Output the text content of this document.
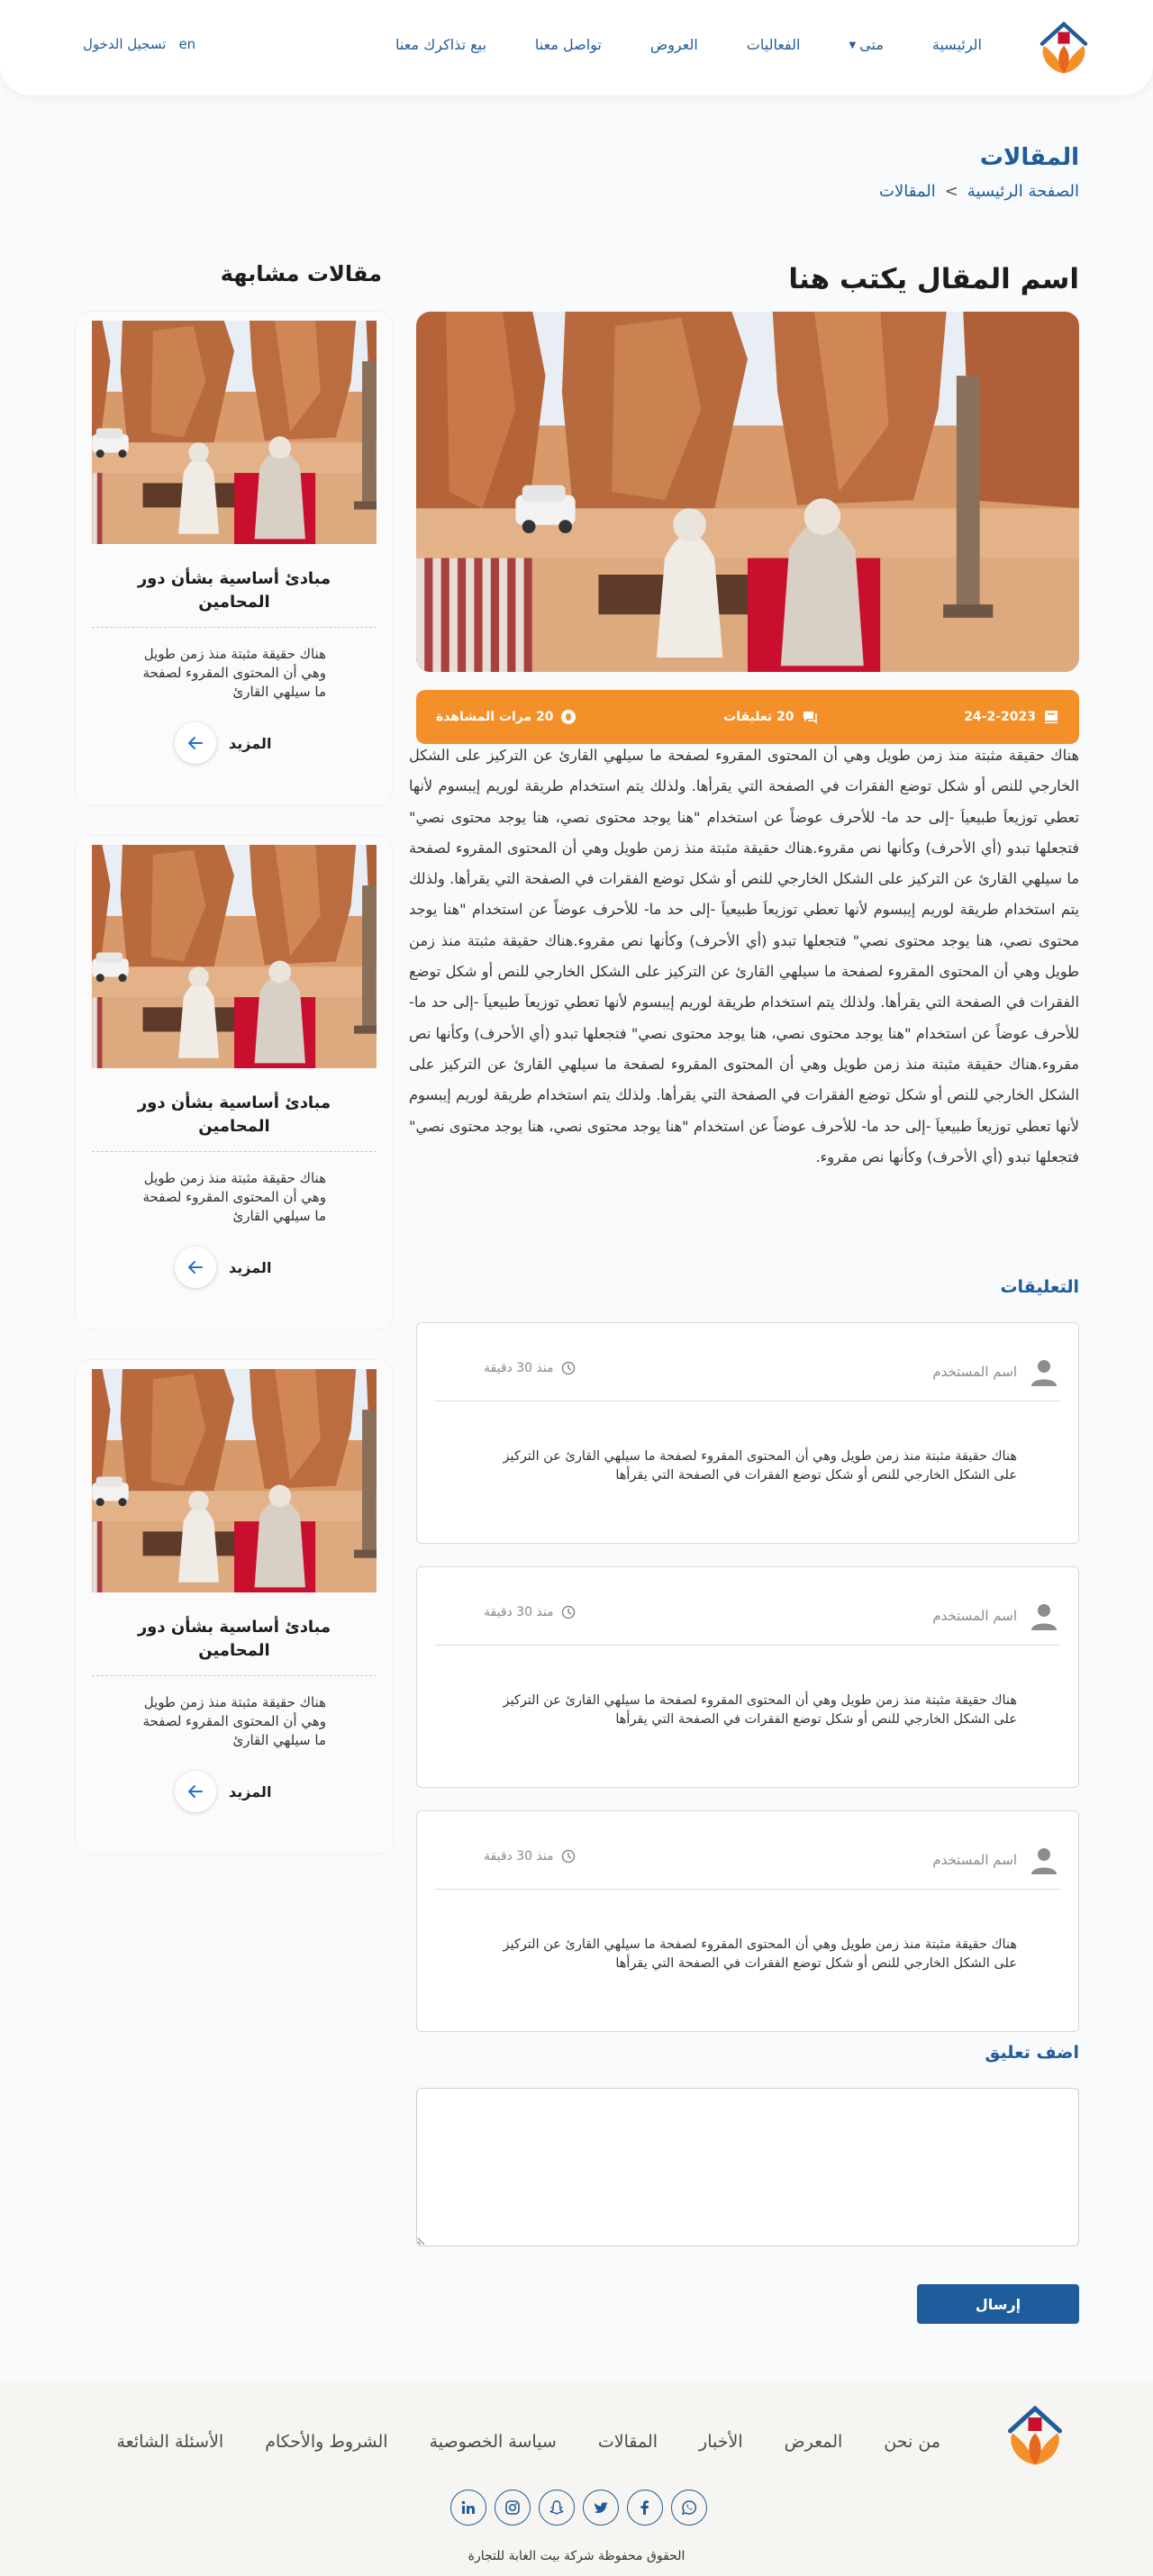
الرئيسية
متى▼
الفعاليات
العروض
تواصل معنا
بيع تذاكرك معنا
تسجيل الدخول en
المقالات
الصفحة الرئيسية
>
المقالات
اسم المقال يكتب هنا
24-2-2023
20 تعليقات
20 مرات المشاهدة

هناك حقيقة مثبتة منذ زمن طويل وهي أن المحتوى المقروء لصفحة ما سيلهي القارئ عن التركيز على الشكل الخارجي للنص أو شكل توضع الفقرات في الصفحة التي يقرأها. ولذلك يتم استخدام طريقة لوريم إيبسوم لأنها تعطي توزيعاَ طبيعياَ -إلى حد ما- للأحرف عوضاً عن استخدام "هنا يوجد محتوى نصي، هنا يوجد محتوى نصي" فتجعلها تبدو (أي الأحرف) وكأنها نص مقروء.هناك حقيقة مثبتة منذ زمن طويل وهي أن المحتوى المقروء لصفحة ما سيلهي القارئ عن التركيز على الشكل الخارجي للنص أو شكل توضع الفقرات في الصفحة التي يقرأها. ولذلك يتم استخدام طريقة لوريم إيبسوم لأنها تعطي توزيعاَ طبيعياَ -إلى حد ما- للأحرف عوضاً عن استخدام "هنا يوجد محتوى نصي، هنا يوجد محتوى نصي" فتجعلها تبدو (أي الأحرف) وكأنها نص مقروء.هناك حقيقة مثبتة منذ زمن طويل وهي أن المحتوى المقروء لصفحة ما سيلهي القارئ عن التركيز على الشكل الخارجي للنص أو شكل توضع الفقرات في الصفحة التي يقرأها. ولذلك يتم استخدام طريقة لوريم إيبسوم لأنها تعطي توزيعاَ طبيعياَ -إلى حد ما- للأحرف عوضاً عن استخدام "هنا يوجد محتوى نصي، هنا يوجد محتوى نصي" فتجعلها تبدو (أي الأحرف) وكأنها نص مقروء.هناك حقيقة مثبتة منذ زمن طويل وهي أن المحتوى المقروء لصفحة ما سيلهي القارئ عن التركيز على الشكل الخارجي للنص أو شكل توضع الفقرات في الصفحة التي يقرأها. ولذلك يتم استخدام طريقة لوريم إيبسوم لأنها تعطي توزيعاَ طبيعياَ -إلى حد ما- للأحرف عوضاً عن استخدام "هنا يوجد محتوى نصي، هنا يوجد محتوى نصي" فتجعلها تبدو (أي الأحرف) وكأنها نص مقروء.

التعليقات
اسم المستخدم
منذ 30 دقيقة

هناك حقيقة مثبتة منذ زمن طويل وهي أن المحتوى المقروء لصفحة ما سيلهي القارئ عن التركيز على الشكل الخارجي للنص أو شكل توضع الفقرات في الصفحة التي يقرأها

اسم المستخدم
منذ 30 دقيقة

هناك حقيقة مثبتة منذ زمن طويل وهي أن المحتوى المقروء لصفحة ما سيلهي القارئ عن التركيز على الشكل الخارجي للنص أو شكل توضع الفقرات في الصفحة التي يقرأها

اسم المستخدم
منذ 30 دقيقة

هناك حقيقة مثبتة منذ زمن طويل وهي أن المحتوى المقروء لصفحة ما سيلهي القارئ عن التركيز على الشكل الخارجي للنص أو شكل توضع الفقرات في الصفحة التي يقرأها

اضف تعليق
إرسال
مقالات مشابهة
مبادئ أساسية بشأن دور المحامين

هناك حقيقة مثبتة منذ زمن طويل وهي أن المحتوى المقروء لصفحة ما سيلهي القارئ

المزيد
مبادئ أساسية بشأن دور المحامين

هناك حقيقة مثبتة منذ زمن طويل وهي أن المحتوى المقروء لصفحة ما سيلهي القارئ

المزيد
مبادئ أساسية بشأن دور المحامين

هناك حقيقة مثبتة منذ زمن طويل وهي أن المحتوى المقروء لصفحة ما سيلهي القارئ

المزيد
من نحن
المعرض
الأخبار
المقالات
سياسة الخصوصية
الشروط والأحكام
الأسئلة الشائعة
الحقوق محفوظة شركة بيت الغابة للتجارة
